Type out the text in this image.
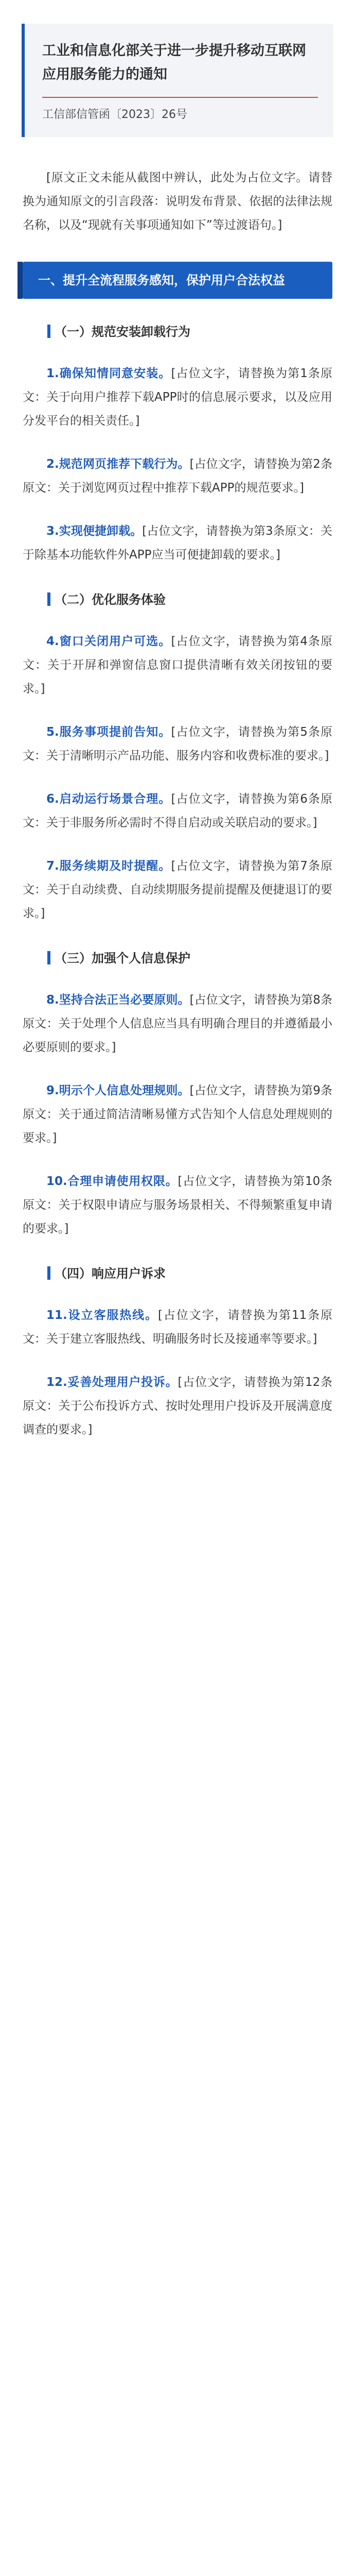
工业和信息化部关于进一步提升移动互联网应用服务能力的通知
工信部信管函〔2023〕26号

[原文正文未能从截图中辨认，此处为占位文字。请替换为通知原文的引言段落：说明发布背景、依据的法律法规名称，以及“现就有关事项通知如下”等过渡语句。]

一、提升全流程服务感知，保护用户合法权益
（一）规范安装卸载行为

1.确保知情同意安装。[占位文字，请替换为第1条原文：关于向用户推荐下载APP时的信息展示要求，以及应用分发平台的相关责任。]

2.规范网页推荐下载行为。[占位文字，请替换为第2条原文：关于浏览网页过程中推荐下载APP的规范要求。]

3.实现便捷卸载。[占位文字，请替换为第3条原文：关于除基本功能软件外APP应当可便捷卸载的要求。]

（二）优化服务体验

4.窗口关闭用户可选。[占位文字，请替换为第4条原文：关于开屏和弹窗信息窗口提供清晰有效关闭按钮的要求。]

5.服务事项提前告知。[占位文字，请替换为第5条原文：关于清晰明示产品功能、服务内容和收费标准的要求。]

6.启动运行场景合理。[占位文字，请替换为第6条原文：关于非服务所必需时不得自启动或关联启动的要求。]

7.服务续期及时提醒。[占位文字，请替换为第7条原文：关于自动续费、自动续期服务提前提醒及便捷退订的要求。]

（三）加强个人信息保护

8.坚持合法正当必要原则。[占位文字，请替换为第8条原文：关于处理个人信息应当具有明确合理目的并遵循最小必要原则的要求。]

9.明示个人信息处理规则。[占位文字，请替换为第9条原文：关于通过简洁清晰易懂方式告知个人信息处理规则的要求。]

10.合理申请使用权限。[占位文字，请替换为第10条原文：关于权限申请应与服务场景相关、不得频繁重复申请的要求。]

（四）响应用户诉求

11.设立客服热线。[占位文字，请替换为第11条原文：关于建立客服热线、明确服务时长及接通率等要求。]

12.妥善处理用户投诉。[占位文字，请替换为第12条原文：关于公布投诉方式、按时处理用户投诉及开展满意度调查的要求。]
